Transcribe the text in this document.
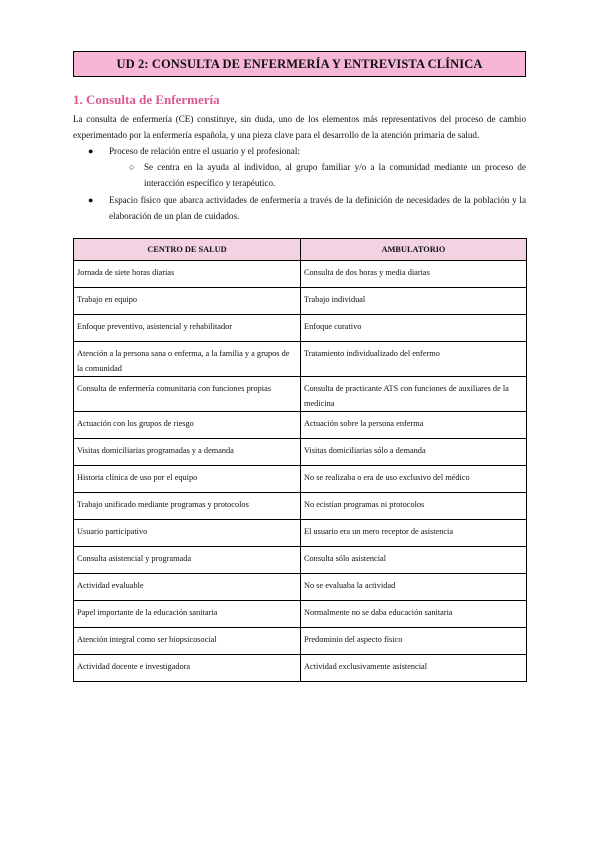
UD 2: CONSULTA DE ENFERMERÍA Y ENTREVISTA CLÍNICA
1. Consulta de Enfermería

La consulta de enfermería (CE) constituye, sin duda, uno de los elementos más representativos del proceso de cambio experimentado por la enfermería española, y una pieza clave para el desarrollo de la atención primaria de salud.

● Proceso de relación entre el usuario y el profesional:
○ Se centra en la ayuda al individuo, al grupo familiar y/o a la comunidad mediante un proceso de interacción específico y terapéutico.
● Espacio físico que abarca actividades de enfermería a través de la definición de necesidades de la población y la elaboración de un plan de cuidados.
CENTRO DE SALUD	AMBULATORIO
Jornada de siete horas diarias	Consulta de dos horas y media diarias
Trabajo en equipo	Trabajo individual
Enfoque preventivo, asistencial y rehabilitador	Enfoque curativo
Atención a la persona sana o enferma, a la familia y a grupos de la comunidad	Tratamiento individualizado del enfermo
Consulta de enfermería comunitaria con funciones propias	Consulta de practicante ATS con funciones de auxiliares de la medicina
Actuación con los grupos de riesgo	Actuación sobre la persona enferma
Visitas domiciliarias programadas y a demanda	Visitas domiciliarias sólo a demanda
Historia clínica de uso por el equipo	No se realizaba o era de uso exclusivo del médico
Trabajo unificado mediante programas y protocolos	No ecistían programas ni protocolos
Usuario participativo	El usuario era un mero receptor de asistencia
Consulta asistencial y programada	Consulta sólo asistencial
Actividad evaluable	No se evaluaba la actividad
Papel importante de la educación sanitaria	Normalmente no se daba educación sanitaria
Atención integral como ser biopsicosocial	Predominio del aspecto físico
Actividad docente e investigadora	Actividad exclusivamente asistencial
